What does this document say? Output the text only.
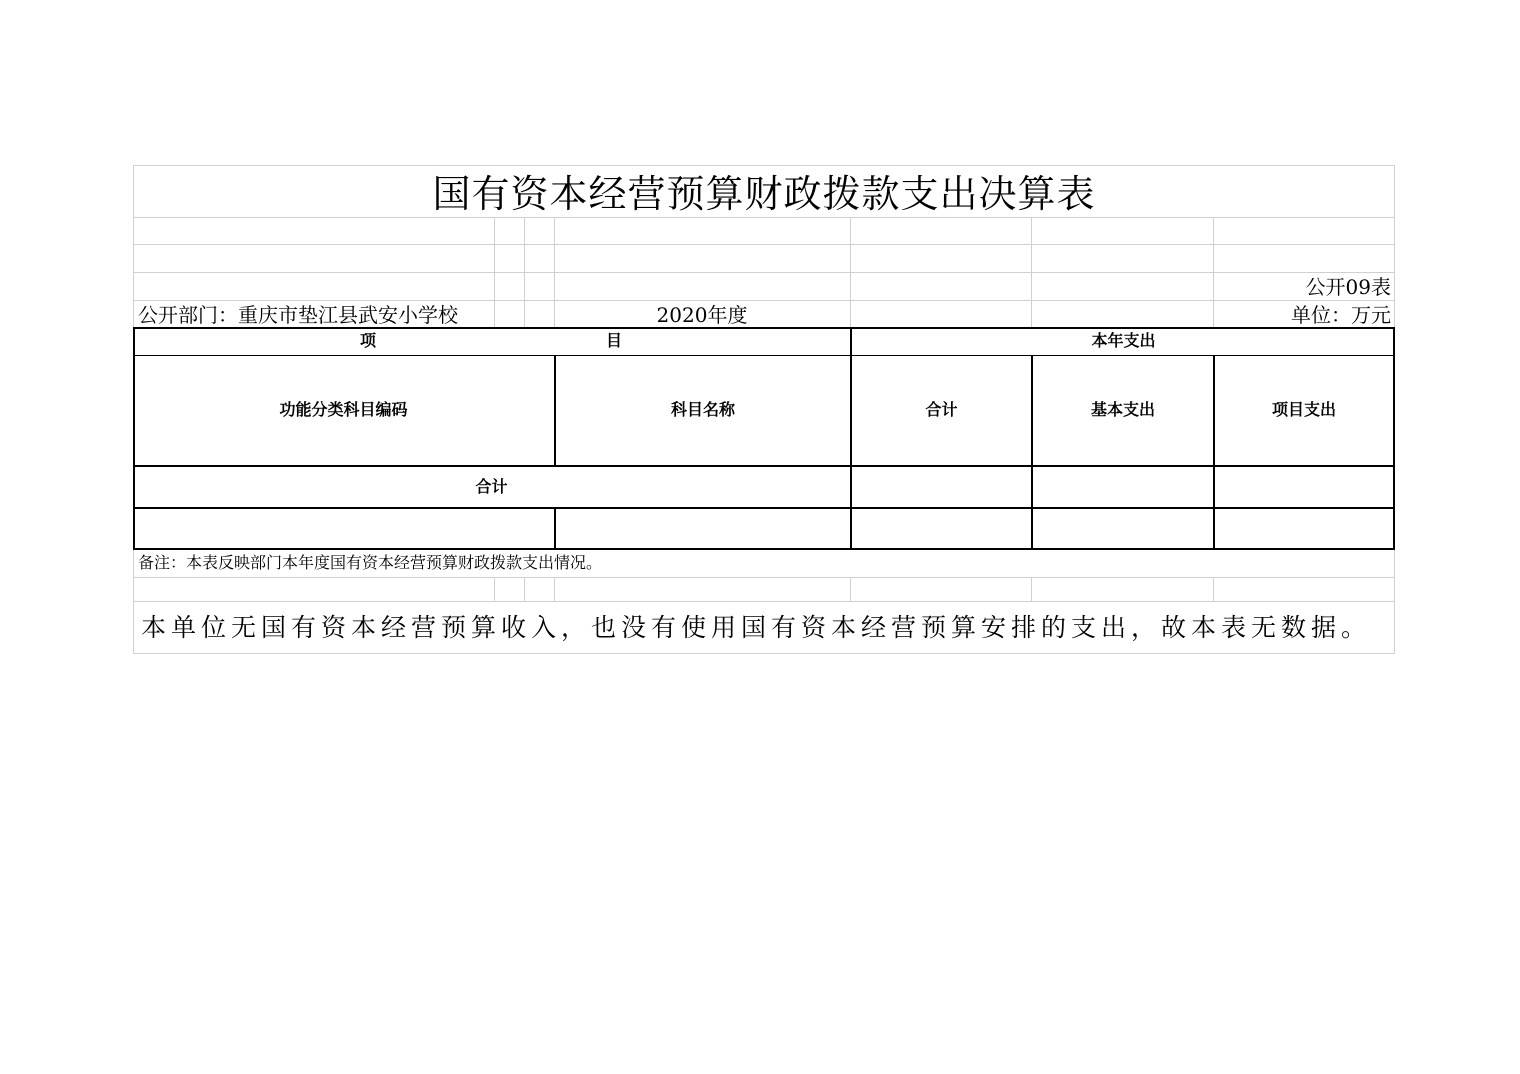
国有资本经营预算财政拨款支出决算表
公开09表
公开部门：重庆市垫江县武安小学校	2020年度	单位：万元
项	目	本年支出
功能分类科目编码	科目名称	合计	基本支出	项目支出
合计
备注：本表反映部门本年度国有资本经营预算财政拨款支出情况。
本单位无国有资本经营预算收入，也没有使用国有资本经营预算安排的支出，故本表无数据。
